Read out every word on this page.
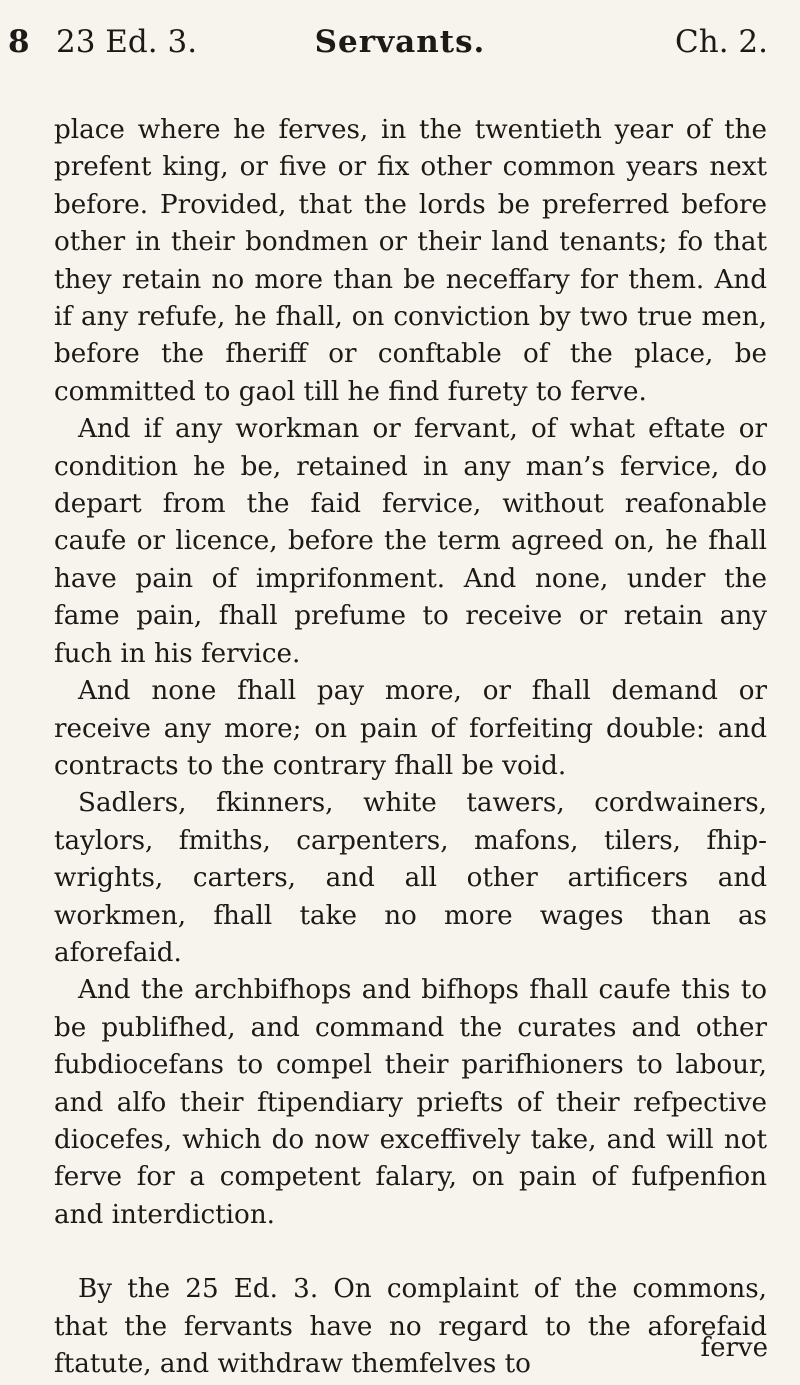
8 23 Ed. 3.	Servants.	Ch. 2.

place where he ferves, in the twentieth year of the prefent king, or five or fix other common years next before. Provided, that the lords be preferred before other in their bondmen or their land tenants; fo that they retain no more than be neceffary for them. And if any refufe, he fhall, on conviction by two true men, before the fheriff or conftable of the place, be committed to gaol till he find furety to ferve.

And if any workman or fervant, of what eftate or condition he be, retained in any man’s fervice, do depart from the faid fervice, without reafonable caufe or licence, before the term agreed on, he fhall have pain of imprifonment. And none, under the fame pain, fhall prefume to receive or retain any fuch in his fervice.

And none fhall pay more, or fhall demand or receive any more; on pain of forfeiting double: and contracts to the contrary fhall be void.

Sadlers, fkinners, white tawers, cordwainers, taylors, fmiths, carpenters, mafons, tilers, fhip-wrights, carters, and all other artificers and workmen, fhall take no more wages than as aforefaid.

And the archbifhops and bifhops fhall caufe this to be publifhed, and command the curates and other fubdiocefans to compel their parifhioners to labour, and alfo their ftipendiary priefts of their refpective diocefes, which do now exceffively take, and will not ferve for a competent falary, on pain of fufpenfion and interdiction.

By the 25 Ed. 3. On complaint of the commons, that the fervants have no regard to the aforefaid ftatute, and withdraw themfelves to

ferve
